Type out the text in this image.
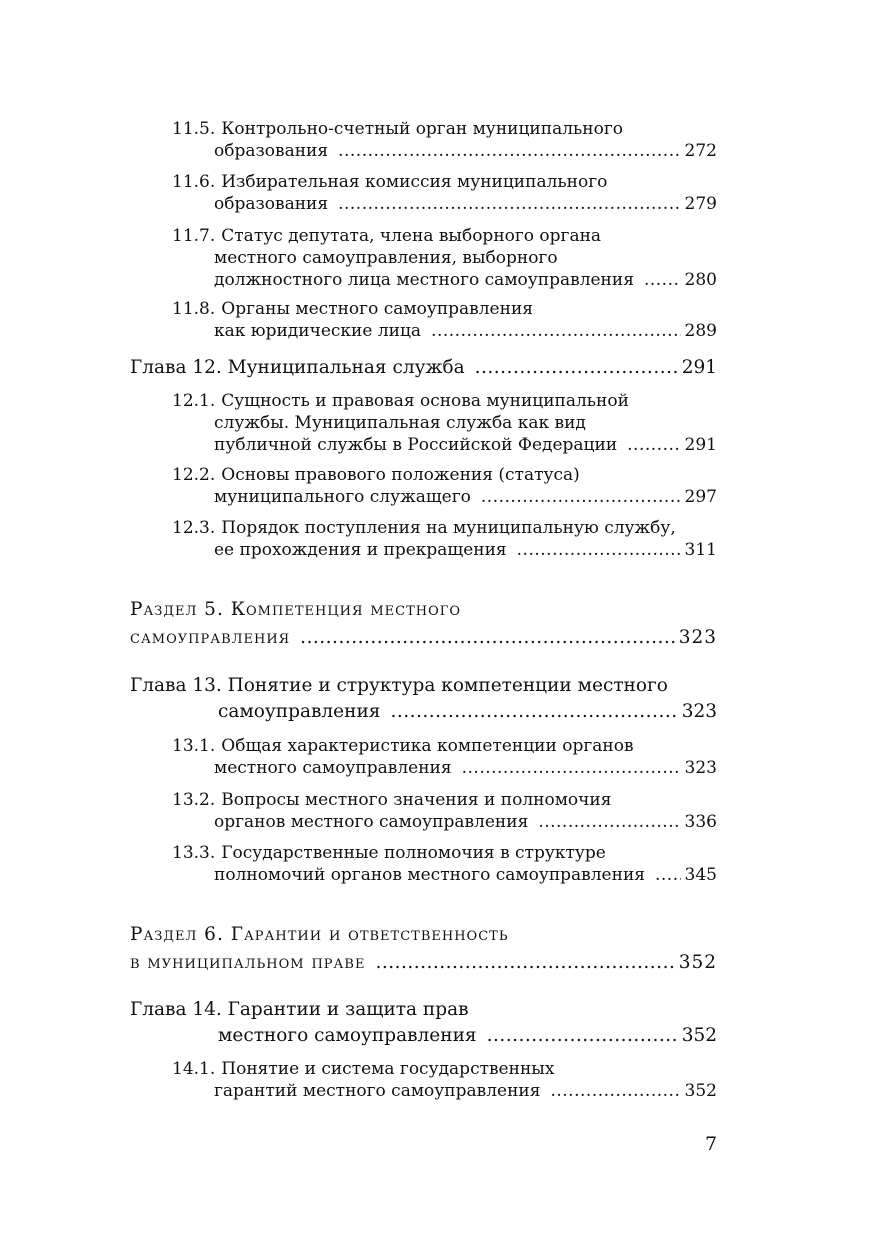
11.5. Контрольно-счетный орган муниципального
образования .....	272
11.6. Избирательная комиссия муниципального
образования .....	279
11.7. Статус депутата, члена выборного органа
местного самоуправления, выборного
должностного лица местного самоуправления .....	280
11.8. Органы местного самоуправления
как юридические лица .....	289
Глава 12. Муниципальная служба .....	291
12.1. Сущность и правовая основа муниципальной
службы. Муниципальная служба как вид
публичной службы в Российской Федерации .....	291
12.2. Основы правового положения (статуса)
муниципального служащего .....	297
12.3. Порядок поступления на муниципальную службу,
ее прохождения и прекращения .....	311
Раздел 5. Компетенция местного
самоуправления .....	323
Глава 13. Понятие и структура компетенции местного
самоуправления .....	323
13.1. Общая характеристика компетенции органов
местного самоуправления .....	323
13.2. Вопросы местного значения и полномочия
органов местного самоуправления .....	336
13.3. Государственные полномочия в структуре
полномочий органов местного самоуправления ..... 345
Раздел 6. Гарантии и ответственность
в муниципальном праве .....	352
Глава 14. Гарантии и защита прав
местного самоуправления .....	352
14.1. Понятие и система государственных
гарантий местного самоуправления .....	352
7
